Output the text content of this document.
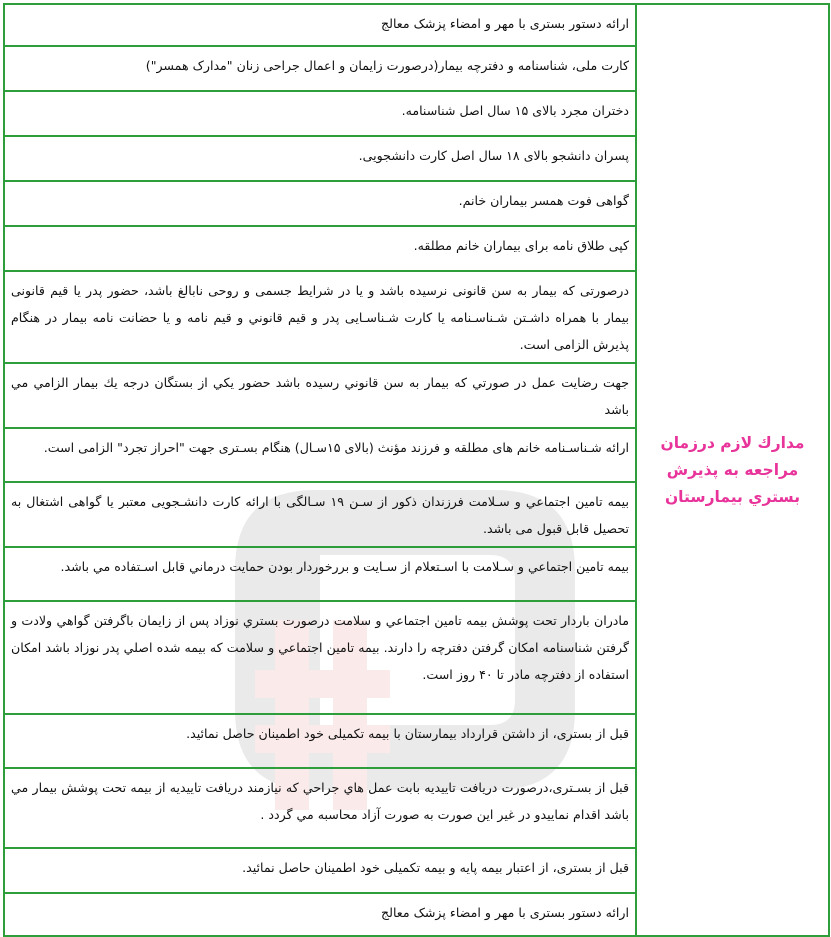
مدارك لازم درزمان مراجعه به پذيرش بستري بيمارستان	
ارائه دستور بستری با مهر و امضاء پزشک معالج

کارت ملی، شناسنامه و دفترچه بیمار(درصورت زایمان و اعمال جراحی زنان "مدارک همسر")

دختران مجرد بالای ۱۵ سال اصل شناسنامه.

پسران دانشجو بالای ۱۸ سال اصل کارت دانشجویی.

گواهی فوت همسر بیماران خانم.

کپی طلاق نامه برای بیماران خانم مطلقه.

درصورتی که بیمار به سن قانونی نرسیده باشد و یا در شرایط جسمی و روحی نابالغ باشد، حضور پدر یا قیم قانونی بیمار با همراه داشـتن شـناسـنامه یا کارت شـناسـایی پدر و قيم قانوني و قيم نامه و يا حضانت نامه بیمار در هنگام پذیرش الزامی است.

جهت رضايت عمل در صورتي كه بيمار به سن قانوني رسيده باشد حضور يكي از بستگان درجه يك بيمار الزامي مي باشد

ارائه شـناسـنامه خانم های مطلقه و فرزند مؤنث (بالای ۱۵سـال) هنگام بسـتری جهت "احراز تجرد" الزامی است.

بیمه تامين اجتماعي و سـلامت فرزندان ذكور از سـن ۱۹ سـالگی با ارائه كارت دانشـجویی معتبر یا گواهی اشتغال به تحصیل قابل قبول می باشد.

بيمه تامين اجتماعي و سـلامت با اسـتعلام از سـايت و بررخوردار بودن حمايت درماني قابل اسـتفاده مي باشد.

مادران باردار تحت پوشش بیمه تامین اجتماعي و سلامت درصورت بستري نوزاد پس از زايمان باگرفتن گواهي ولادت و گرفتن شناسنامه امكان گرفتن دفترچه را دارند. بیمه تامین اجتماعي و سلامت كه بيمه شده اصلي پدر نوزاد باشد امكان استفاده از دفترچه مادر تا ۴۰ روز است.

قبل از بستری، از داشتن قرارداد بیمارستان با بیمه تکمیلی خود اطمینان حاصل نمائید.

قبل از بسـتری،درصورت دريافت تاييديه بابت عمل هاي جراحي كه نيازمند دريافت تاييديه از بيمه تحت پوشش بيمار مي باشد اقدام نماييدو در غير اين صورت به صورت آزاد محاسبه مي گردد .

قبل از بستری، از اعتبار بیمه پایه و بیمه تکمیلی خود اطمینان حاصل نمائید.

ارائه دستور بستری با مهر و امضاء پزشک معالج
